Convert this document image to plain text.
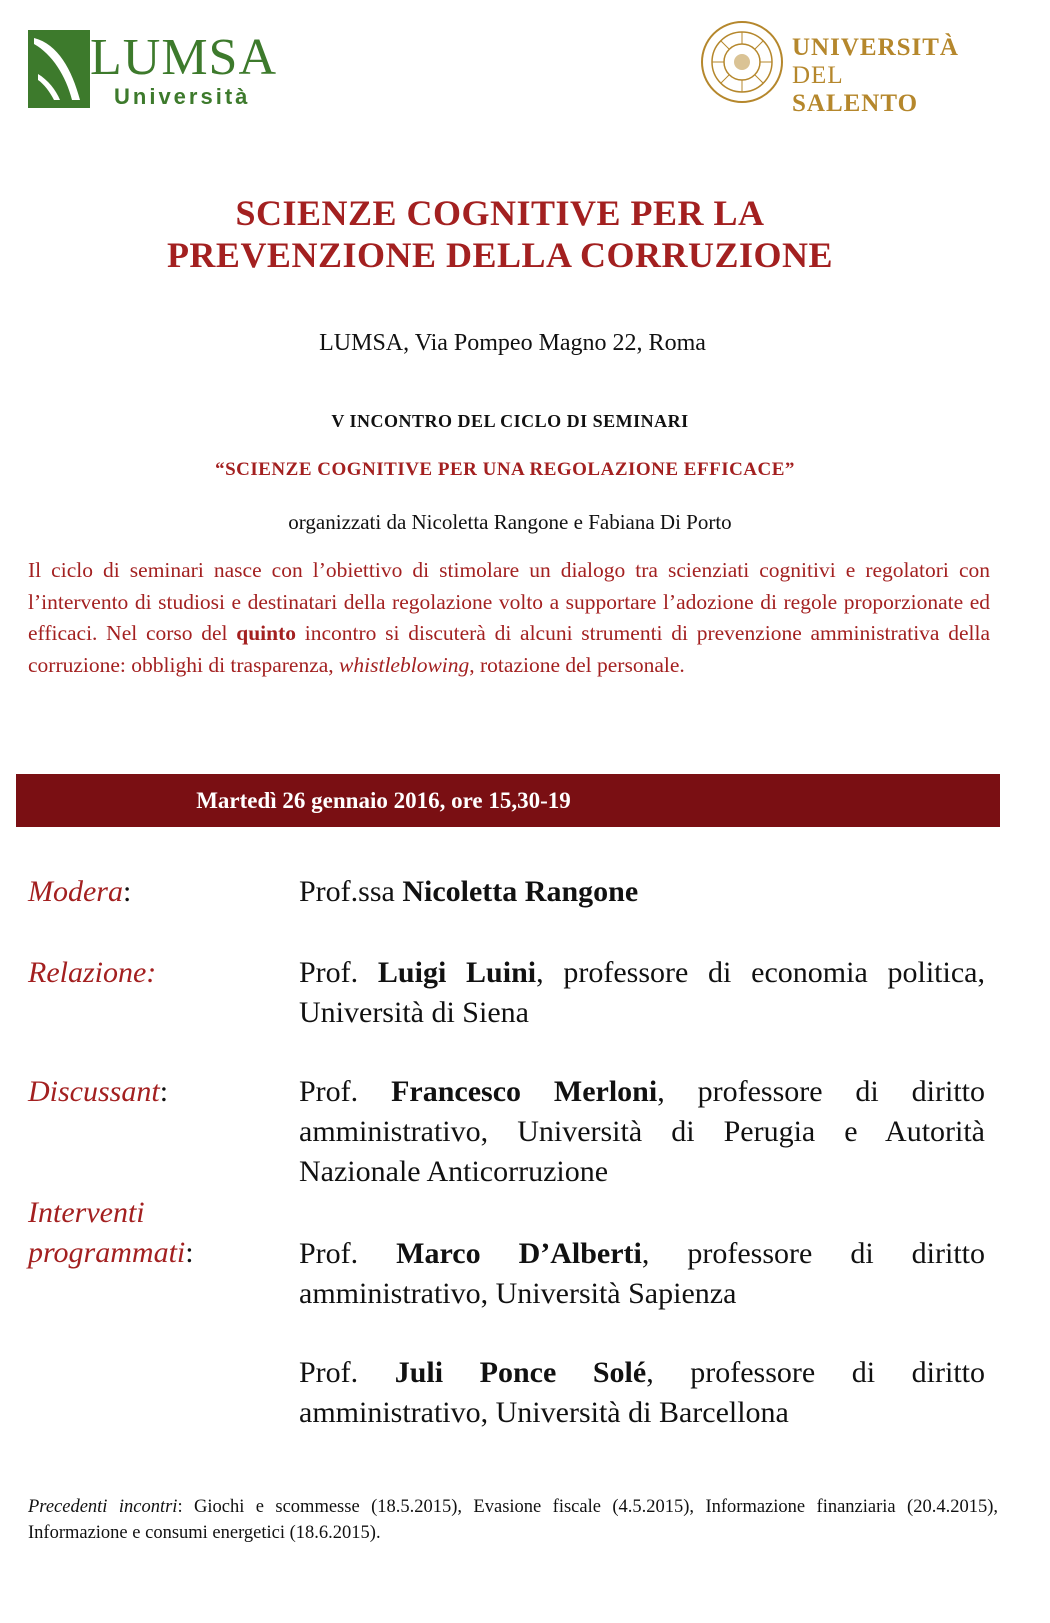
LUMSA
Università
UNIVERSITÀ
DEL SALENTO
SCIENZE COGNITIVE PER LA
PREVENZIONE DELLA CORRUZIONE
LUMSA, Via Pompeo Magno 22, Roma
V INCONTRO DEL CICLO DI SEMINARI
“SCIENZE COGNITIVE PER UNA REGOLAZIONE EFFICACE”
organizzati da Nicoletta Rangone e Fabiana Di Porto
Il ciclo di seminari nasce con l’obiettivo di stimolare un dialogo tra scienziati cognitivi e regolatori con l’intervento di studiosi e destinatari della regolazione volto a supportare l’adozione di regole proporzionate ed efficaci. Nel corso del quinto incontro si discuterà di alcuni strumenti di prevenzione amministrativa della corruzione: obblighi di trasparenza, whistleblowing, rotazione del personale.
Martedì 26 gennaio 2016, ore 15,30-19
Modera:	Prof.ssa Nicoletta Rangone
Relazione:	Prof. Luigi Luini, professore di economia politica, Università di Siena
Discussant:	Prof. Francesco Merloni, professore di diritto amministrativo, Università di Perugia e Autorità Nazionale Anticorruzione
Interventi
programmati:	Prof. Marco D’Alberti, professore di diritto amministrativo, Università Sapienza
Prof. Juli Ponce Solé, professore di diritto amministrativo, Università di Barcellona
Precedenti incontri: Giochi e scommesse (18.5.2015), Evasione fiscale (4.5.2015), Informazione finanziaria (20.4.2015), Informazione e consumi energetici (18.6.2015).
